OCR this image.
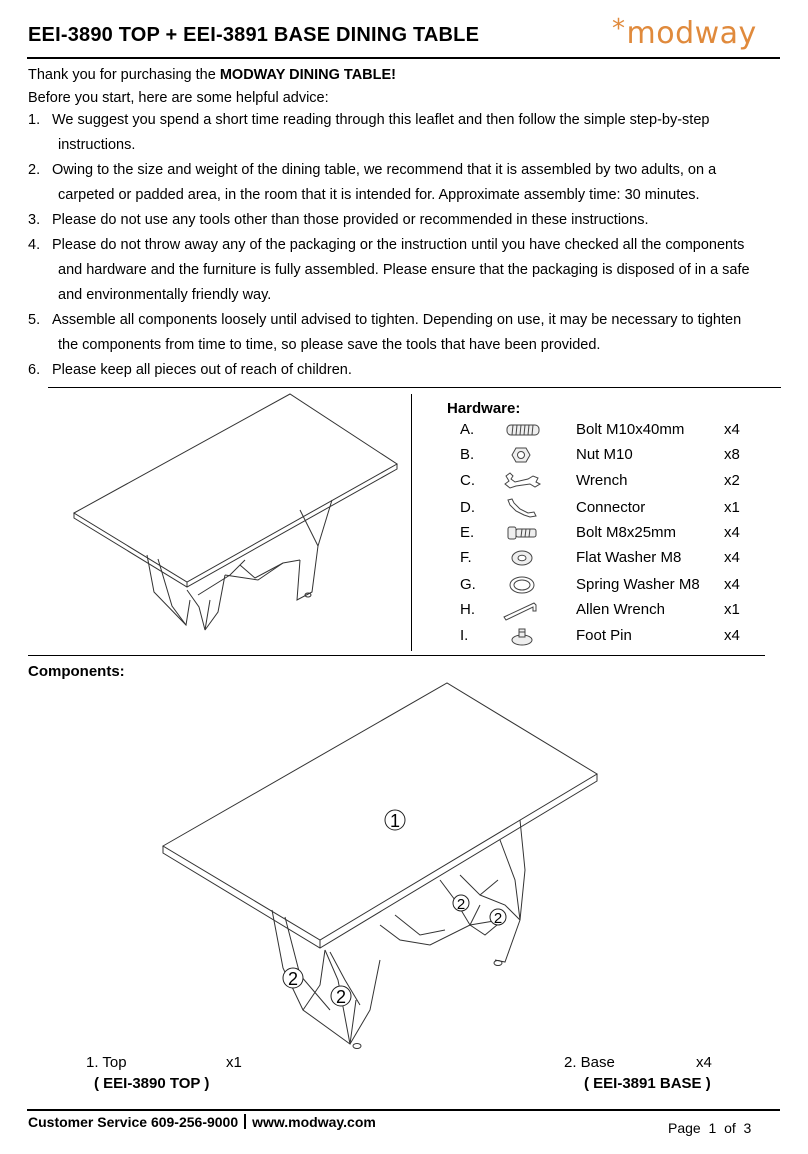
EEI-3890 TOP + EEI-3891 BASE DINING TABLE	*modway
Thank you for purchasing the MODWAY DINING TABLE!
Before you start, here are some helpful advice:
1. We suggest you spend a short time reading through this leaflet and then follow the simple step-by-step
instructions.
2. Owing to the size and weight of the dining table, we recommend that it is assembled by two adults, on a
carpeted or padded area, in the room that it is intended for. Approximate assembly time: 30 minutes.
3. Please do not use any tools other than those provided or recommended in these instructions.
4. Please do not throw away any of the packaging or the instruction until you have checked all the components
and hardware and the furniture is fully assembled. Please ensure that the packaging is disposed of in a safe
and environmentally friendly way.
5. Assemble all components loosely until advised to tighten. Depending on use, it may be necessary to tighten
the components from time to time, so please save the tools that have been provided.
6. Please keep all pieces out of reach of children.
Hardware:
A.	Bolt M10x40mm	x4
B.	Nut M10	x8
C.	Wrench	x2
D.	Connector	x1
E.	Bolt M8x25mm	x4
F.	Flat Washer M8	x4
G.	Spring Washer M8 x4
H.	Allen Wrench	x1
I.	Foot Pin	x4
Components:
1
2
2
2
2
1. Top	x1
( EEI-3890 TOP )
2. Base	x4
( EEI-3891 BASE )
Customer Service 609-256-9000 www.modway.com	Page 1 of 3
